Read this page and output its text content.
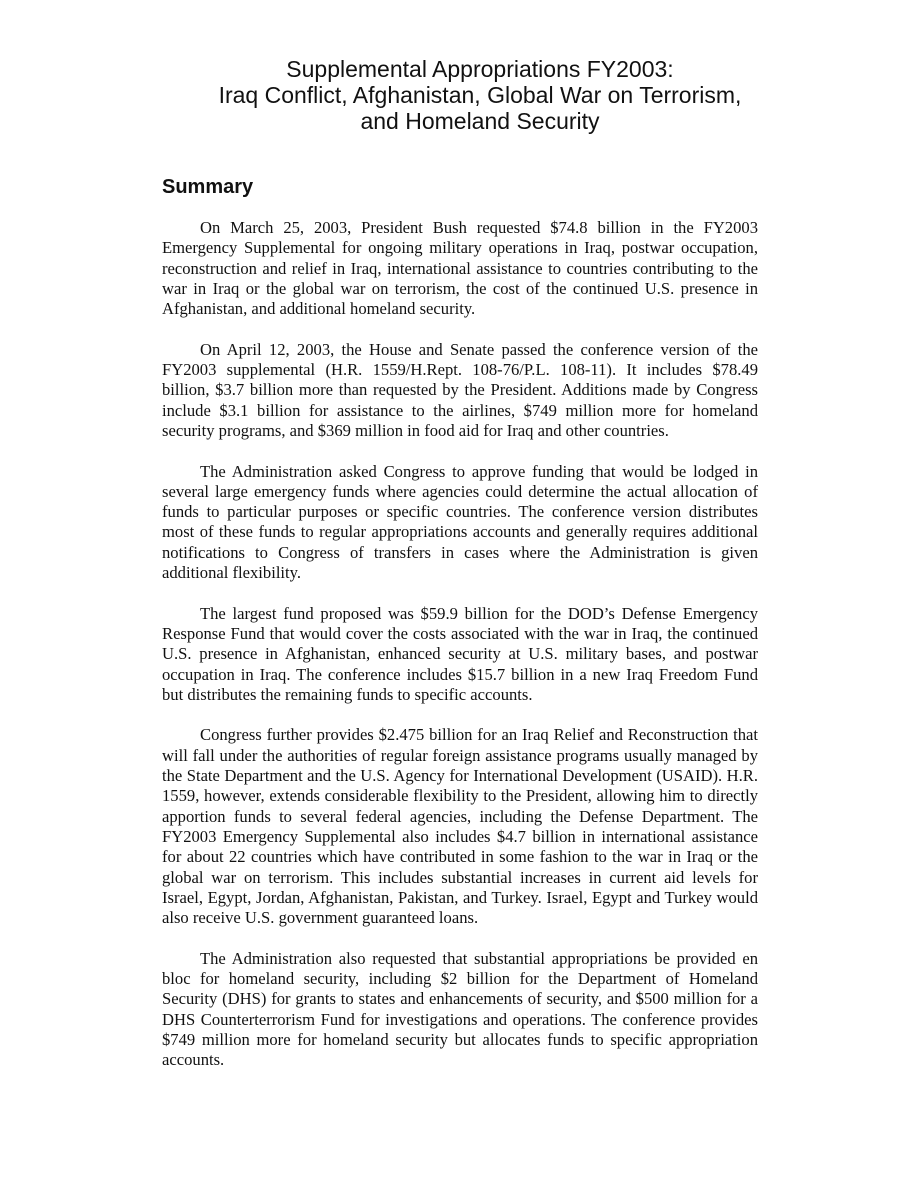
Supplemental Appropriations FY2003:
Iraq Conflict, Afghanistan, Global War on Terrorism,
and Homeland Security
Summary

On March 25, 2003, President Bush requested $74.8 billion in the FY2003 Emergency Supplemental for ongoing military operations in Iraq, postwar occupation, reconstruction and relief in Iraq, international assistance to countries contributing to the war in Iraq or the global war on terrorism, the cost of the continued U.S. presence in Afghanistan, and additional homeland security.

On April 12, 2003, the House and Senate passed the conference version of the FY2003 supplemental (H.R. 1559/H.Rept. 108-76/P.L. 108-11). It includes $78.49 billion, $3.7 billion more than requested by the President. Additions made by Congress include $3.1 billion for assistance to the airlines, $749 million more for homeland security programs, and $369 million in food aid for Iraq and other countries.

The Administration asked Congress to approve funding that would be lodged in several large emergency funds where agencies could determine the actual allocation of funds to particular purposes or specific countries. The conference version distributes most of these funds to regular appropriations accounts and generally requires additional notifications to Congress of transfers in cases where the Administration is given additional flexibility.

The largest fund proposed was $59.9 billion for the DOD’s Defense Emergency Response Fund that would cover the costs associated with the war in Iraq, the continued U.S. presence in Afghanistan, enhanced security at U.S. military bases, and postwar occupation in Iraq. The conference includes $15.7 billion in a new Iraq Freedom Fund but distributes the remaining funds to specific accounts.

Congress further provides $2.475 billion for an Iraq Relief and Reconstruction that will fall under the authorities of regular foreign assistance programs usually managed by the State Department and the U.S. Agency for International Development (USAID). H.R. 1559, however, extends considerable flexibility to the President, allowing him to directly apportion funds to several federal agencies, including the Defense Department. The FY2003 Emergency Supplemental also includes $4.7 billion in international assistance for about 22 countries which have contributed in some fashion to the war in Iraq or the global war on terrorism. This includes substantial increases in current aid levels for Israel, Egypt, Jordan, Afghanistan, Pakistan, and Turkey. Israel, Egypt and Turkey would also receive U.S. government guaranteed loans.

The Administration also requested that substantial appropriations be provided en bloc for homeland security, including $2 billion for the Department of Homeland Security (DHS) for grants to states and enhancements of security, and $500 million for a DHS Counterterrorism Fund for investigations and operations. The conference provides $749 million more for homeland security but allocates funds to specific appropriation accounts.
